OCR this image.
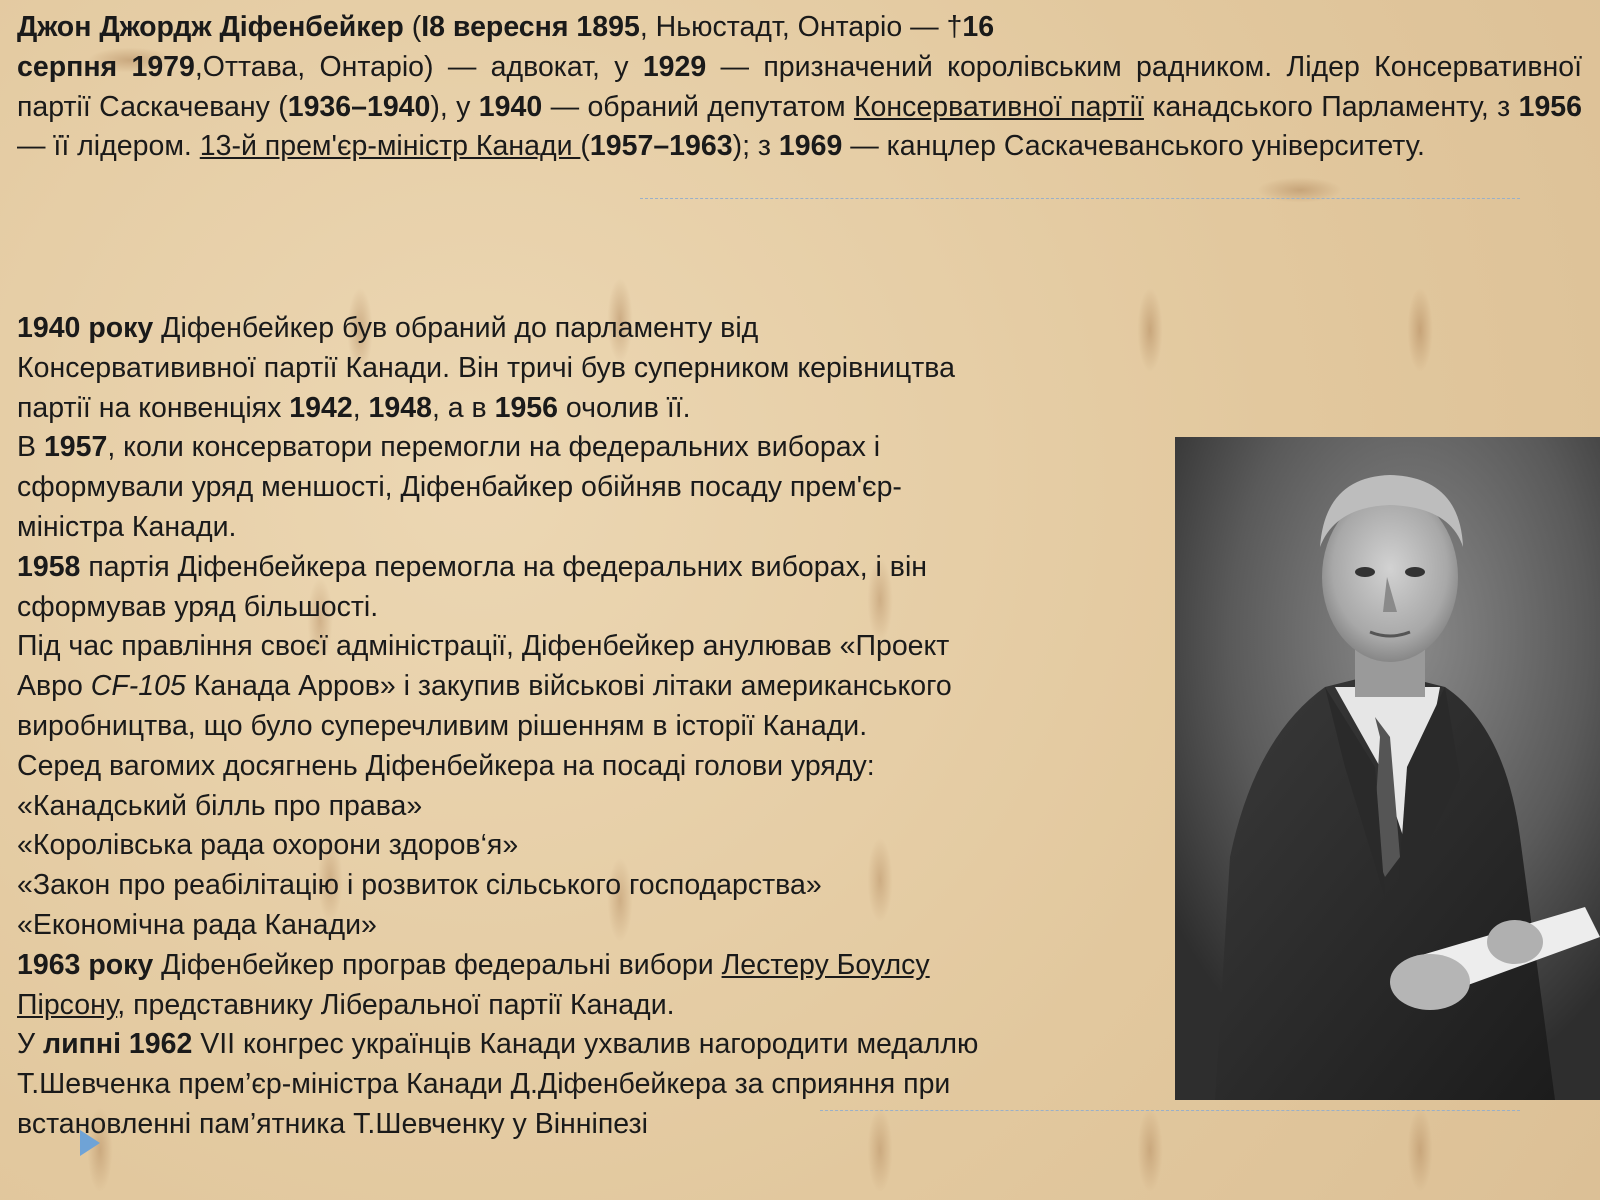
Джон Джордж Діфенбейкер (І8 вересня 1895, Ньюстадт, Онтаріо — †16
серпня 1979,Оттава, Онтаріо) — адвокат, у 1929 — призначений королівським радником. Лідер Консервативної партії Саскачевану (1936–1940), у 1940 — обраний депутатом Консервативної партії канадського Парламенту, з 1956 — її лідером. 13-й прем'єр-міністр Канади (1957–1963); з 1969 — канцлер Саскачеванського університету.
1940 року Діфенбейкер був обраний до парламенту від
Консерватививної партії Канади. Він тричі був суперником керівництва
партії на конвенціях 1942, 1948, а в 1956 очолив її.
В 1957, коли консерватори перемогли на федеральних виборах і
сформували уряд меншості, Діфенбайкер обійняв посаду прем'єр-
міністра Канади.
1958 партія Діфенбейкера перемогла на федеральних виборах, і він
сформував уряд більшості.
Під час правління своєї адміністрації, Діфенбейкер анулював «Проект
Авро CF-105 Канада Арров» і закупив військові літаки американського
виробництва, що було суперечливим рішенням в історії Канади.
Серед вагомих досягнень Діфенбейкера на посаді голови уряду:
«Канадський білль про права»
«Королівська рада охорони здоров‘я»
«Закон про реабілітацію і розвиток сільського господарства»
«Економічна рада Канади»
1963 року Діфенбейкер програв федеральні вибори Лестеру Боулсу
Пірсону, представнику Ліберальної партії Канади.
У липні 1962 VII конгрес українців Канади ухвалив нагородити медаллю
Т.Шевченка прем’єр-міністра Канади Д.Діфенбейкера за сприяння при
встановленні пам’ятника Т.Шевченку у Вінніпезі
